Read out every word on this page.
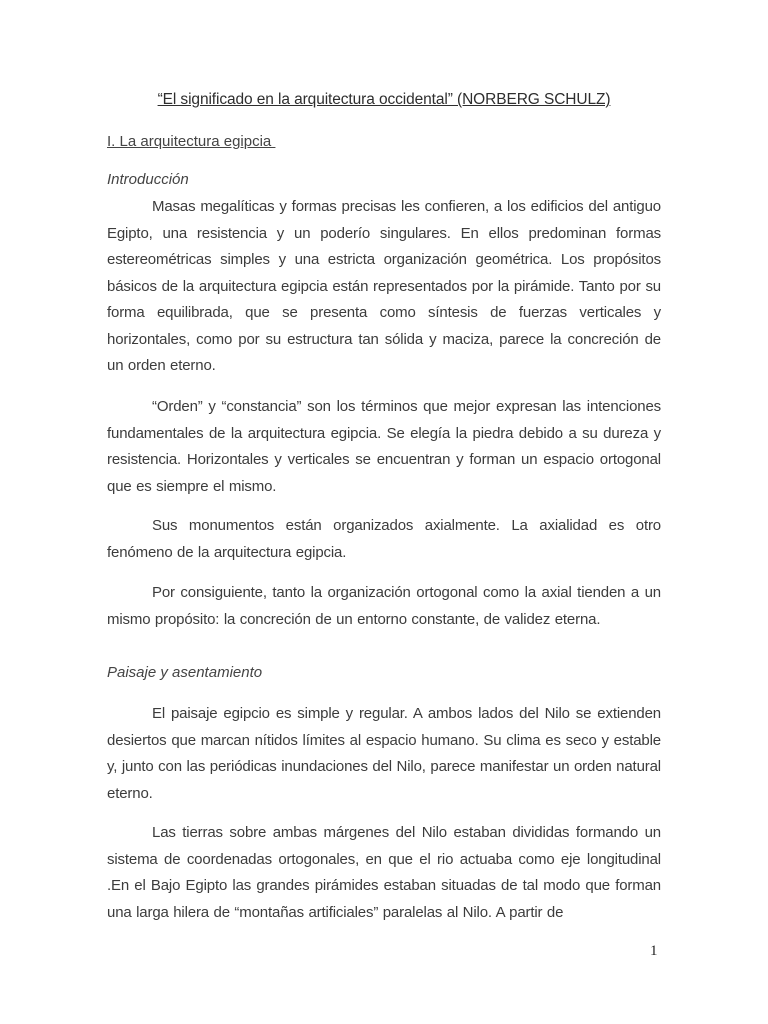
“El significado en la arquitectura occidental” (NORBERG SCHULZ)
I. La arquitectura egipcia
Introducción

Masas megalíticas y formas precisas les confieren, a los edificios del antiguo Egipto, una resistencia y un poderío singulares. En ellos predominan formas estereométricas simples y una estricta organización geométrica. Los propósitos básicos de la arquitectura egipcia están representados por la pirámide. Tanto por su forma equilibrada, que se presenta como síntesis de fuerzas verticales y horizontales, como por su estructura tan sólida y maciza, parece la concreción de un orden eterno.

“Orden” y “constancia” son los términos que mejor expresan las intenciones fundamentales de la arquitectura egipcia. Se elegía la piedra debido a su dureza y resistencia. Horizontales y verticales se encuentran y forman un espacio ortogonal que es siempre el mismo.

Sus monumentos están organizados axialmente. La axialidad es otro fenómeno de la arquitectura egipcia.

Por consiguiente, tanto la organización ortogonal como la axial tienden a un mismo propósito: la concreción de un entorno constante, de validez eterna.

Paisaje y asentamiento

El paisaje egipcio es simple y regular. A ambos lados del Nilo se extienden desiertos que marcan nítidos límites al espacio humano. Su clima es seco y estable y, junto con las periódicas inundaciones del Nilo, parece manifestar un orden natural eterno.

Las tierras sobre ambas márgenes del Nilo estaban divididas formando un sistema de coordenadas ortogonales, en que el rio actuaba como eje longitudinal .En el Bajo Egipto las grandes pirámides estaban situadas de tal modo que forman una larga hilera de “montañas artificiales” paralelas al Nilo. A partir de

1
